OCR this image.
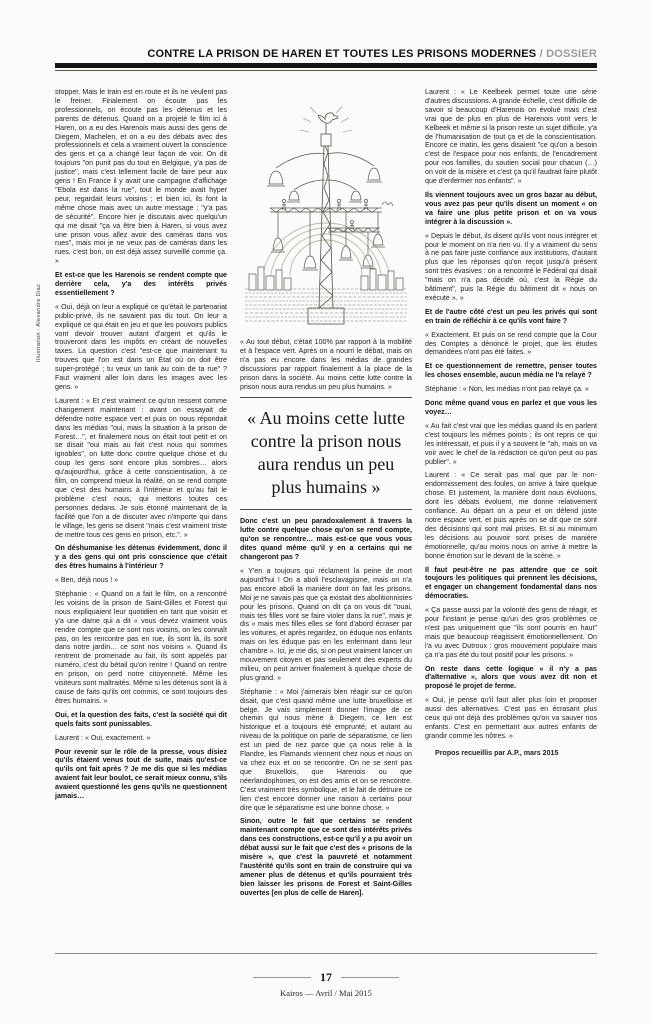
CONTRE LA PRISON DE HAREN ET TOUTES LES PRISONS MODERNES / DOSSIER
Illustration : Alexandre Diaz

stopper. Mais le train est en route et ils ne veulent pas le freiner. Finalement on écoute pas les professionnels, on écoute pas les détenus et les parents de détenus. Quand on a projeté le film ici à Haren, on a eu des Harenois mais aussi des gens de Diegem, Machelen, et on a eu des débats avec des professionnels et cela a vraiment ouvert la conscience des gens et ça a changé leur façon de voir. On dit toujours "on punit pas du tout en Belgique, y'a pas de justice", mais c'est tellement facile de faire peur aux gens ! En France il y avait une campagne d'affichage "Ebola est dans la rue", tout le monde avait hyper peur, regardait leurs voisins ; et bien ici, ils font la même chose mais avec un autre message : "y'a pas de sécurité". Encore hier je discutais avec quelqu'un qui me disait "ça va être bien à Haren, si vous avez une prison vous allez avoir des caméras dans vos rues", mais moi je ne veux pas de caméras dans les rues, c'est bon, on est déjà assez surveillé comme ça. »

Et est-ce que les Harenois se rendent compte que derrière cela, y'a des intérêts privés essentiellement ?

« Oui, déjà on leur a expliqué ce qu'était le partenariat public-privé, ils ne savaient pas du tout. On leur a expliqué ce qui était en jeu et que les pouvoirs publics vont devoir trouver autant d'argent et qu'ils le trouveront dans les impôts en créant de nouvelles taxes. La question c'est "est-ce que maintenant tu trouves que l'on est dans un État où on doit être super-protégé ; tu veux un tank au coin de ta rue" ? Faut vraiment aller loin dans les images avec les gens. »

Laurent : « Et c'est vraiment ce qu'on ressent comme changement maintenant : avant on essayait de défendre notre espace vert et puis on nous répondait dans les médias "oui, mais la situation à la prison de Forest…", et finalement nous on était tout petit et on se disait "oui mais au fait c'est nous qui sommes ignobles", on lutte donc contre quelque chose et du coup les gens sont encore plus sombres… alors qu'aujourd'hui, grâce à cette conscientisation, à ce film, on comprend mieux la réalité, on se rend compte que c'est des humains à l'intérieur et qu'au fait le problème c'est nous, qui mettons toutes ces personnes dedans. Je suis étonné maintenant de la facilité que l'on a de discuter avec n'importe qui dans le village, les gens se disent "mais c'est vraiment triste de mettre tous ces gens en prison, etc.". »

On déshumanise les détenus évidemment, donc il y a des gens qui ont pris conscience que c'était des êtres humains à l'intérieur ?

« Ben, déjà nous ! »

Stéphanie : « Quand on a fait le film, on a rencontré les voisins de la prison de Saint-Gilles et Forest qui nous expliquaient leur quotidien en tant que voisin et y'a une dame qui a dit « vous devez vraiment vous rendre compte que ce sont nos voisins, on les connaît pas, on les rencontre pas en rue, ils sont là, ils sont dans notre jardin… ce sont nos voisins ». Quand ils rentrent de promenade au fait, ils sont appelés par numéro, c'est du bétail qu'on rentre ! Quand on rentre en prison, on perd notre citoyenneté. Même les visiteurs sont maltraités. Même si les détenus sont là à cause de faits qu'ils ont commis, ce sont toujours des êtres humains. »

Oui, et la question des faits, c'est la société qui dit quels faits sont punissables.

Laurent : « Oui, exactement. »

Pour revenir sur le rôle de la presse, vous disiez qu'ils étaient venus tout de suite, mais qu'est-ce qu'ils ont fait après ? Je me dis que si les médias avaient fait leur boulot, ce serait mieux connu, s'ils avaient questionné les gens qu'ils ne questionnent jamais…

« Au tout début, c'était 100% par rapport à la mobilité et à l'espace vert. Après on a nourri le débat, mais on n'a pas eu encore dans les médias de grandes discussions par rapport finalement à la place de la prison dans la société. Au moins cette lutte contre la prison nous aura rendus un peu plus humains. »

« Au moins cette lutte contre la prison nous aura rendus un peu plus humains »

Donc c'est un peu paradoxalement à travers la lutte contre quelque chose qu'on se rend compte, qu'on se rencontre… mais est-ce que vous vous dites quand même qu'il y en a certains qui ne changeront pas ?

« Y'en a toujours qui réclament la peine de mort aujourd'hui ! On a aboli l'esclavagisme, mais on n'a pas encore aboli la manière dont on fait les prisons. Moi je ne savais pas que ça existait des abolitionnistes pour les prisons. Quand on dit ça on vous dit "ouai, mais tes filles vont se faire violer dans la rue", mais je dis « mais mes filles elles se font d'abord écraser par les voitures, et après regardez, on éduque nos enfants mais on les éduque pas en les enfermant dans leur chambre ». Ici, je me dis, si on peut vraiment lancer un mouvement citoyen et pas seulement des experts du milieu, on peut arriver finalement à quelque chose de plus grand. »

Stéphanie : « Moi j'aimerais bien réagir sur ce qu'on disait, que c'est quand même une lutte bruxelloise et belge. Je vais simplement donner l'image de ce chemin qui nous mène à Diegem, ce lien est historique et a toujours été emprunté, et autant au niveau de la politique on parle de séparatisme, ce lien est un pied de nez parce que ça nous relie à la Flandre, les Flamands viennent chez nous et nous on va chez eux et on se rencontre. On ne se sent pas que Bruxellois, que Harenois ou que néerlandophones, on est des amis et on se rencontre. C'est vraiment très symbolique, et le fait de détruire ce lien c'est encore donner une raison à certains pour dire que le séparatisme est une bonne chose. »

Sinon, outre le fait que certains se rendent maintenant compte que ce sont des intérêts privés dans ces constructions, est-ce qu'il y a pu avoir un débat aussi sur le fait que c'est des « prisons de la misère », que c'est la pauvreté et notamment l'austérité qu'ils sont en train de construire qui va amener plus de détenus et qu'ils pourraient très bien laisser les prisons de Forest et Saint-Gilles ouvertes [en plus de celle de Haren].

Laurent : « Le Keelbeek permet toute une série d'autres discussions. A grande échelle, c'est difficile de savoir si beaucoup d'Harenois on évolué mais c'est vrai que de plus en plus de Harenois vont vers le Kelbeek et même si la prison reste un sujet difficile, y'a de l'humanisation de tout ça et de la conscientisation. Encore ce matin, les gens disaient "ce qu'on a besoin c'est de l'espace pour nos enfants, de l'encadrement pour nos familles, du soutien social pour chacun (…) on voit de la misère et c'est ça qu'il faudrait faire plutôt que d'enfermer nos enfants". »

Ils viennent toujours avec un gros bazar au début, vous avez pas peur qu'ils disent un moment « on va faire une plus petite prison et on va vous intégrer à la discussion ».

« Depuis le début, ils disent qu'ils vont nous intégrer et pour le moment on n'a rien vu. Il y a vraiment du sens à ne pas faire juste confiance aux institutions, d'autant plus que les réponses qu'on reçoit jusqu'à présent sont très évasives : on a rencontré le Fédéral qui disait "mais on n'a pas décidé où, c'est la Régie du bâtiment", puis la Régie du bâtiment dit « nous on exécute ». »

Et de l'autre côté c'est un peu les privés qui sont en train de réfléchir à ce qu'ils vont faire ?

« Exactement. Et puis on se rend compte que la Cour des Comptes a dénoncé le projet, que les études demandées n'ont pas été faites. »

Et ce questionnement de remettre, penser toutes les choses ensemble, aucun média ne l'a relayé ?

Stéphanie : « Non, les médias n'ont pas relayé ça. »

Donc même quand vous en parlez et que vous les voyez…

« Au fait c'est vrai que les médias quand ils en parlent c'est toujours les mêmes points ; ils ont repris ce qui les intéressait, et puis il y a souvent le "ah, mais on va voir avec le chef de la rédaction ce qu'on peut ou pas publier". »

Laurent : « Ce serait pas mal que par le non-endormissement des foules, on arrive à faire quelque chose. Et justement, la manière dont nous évoluons, dont les débats évoluent, me donne relativement confiance. Au départ on a peur et on défend juste notre espace vert, et puis après on se dit que ce sont des décisions qui sont mal prises. Et si au minimum les décisions au pouvoir sont prises de manière émotionnelle, qu'au moins nous on arrive à mettre la bonne émotion sur le devant de la scène. »

Il faut peut-être ne pas attendre que ce soit toujours les politiques qui prennent les décisions, et engager un changement fondamental dans nos démocraties.

« Ça passe aussi par la volonté des gens de réagir, et pour l'instant je pense qu'un des gros problèmes ce n'est pas uniquement que "ils sont pourris en haut" mais que beaucoup réagissent émotionnellement. On l'a vu avec Dutroux : gros mouvement populaire mais ça n'a pas été du tout positif pour les prisons. »

On reste dans cette logique « il n'y a pas d'alternative », alors que vous avez dit non et proposé le projet de ferme.

« Oui, je pense qu'il faut aller plus loin et proposer aussi des alternatives. C'est pas en écrasant plus ceux qui ont déjà des problèmes qu'on va sauver nos enfants. C'est en permettant aux autres enfants de grandir comme les nôtres. »

Propos recueillis par A.P., mars 2015

17
Kairos — Avril / Mai 2015
